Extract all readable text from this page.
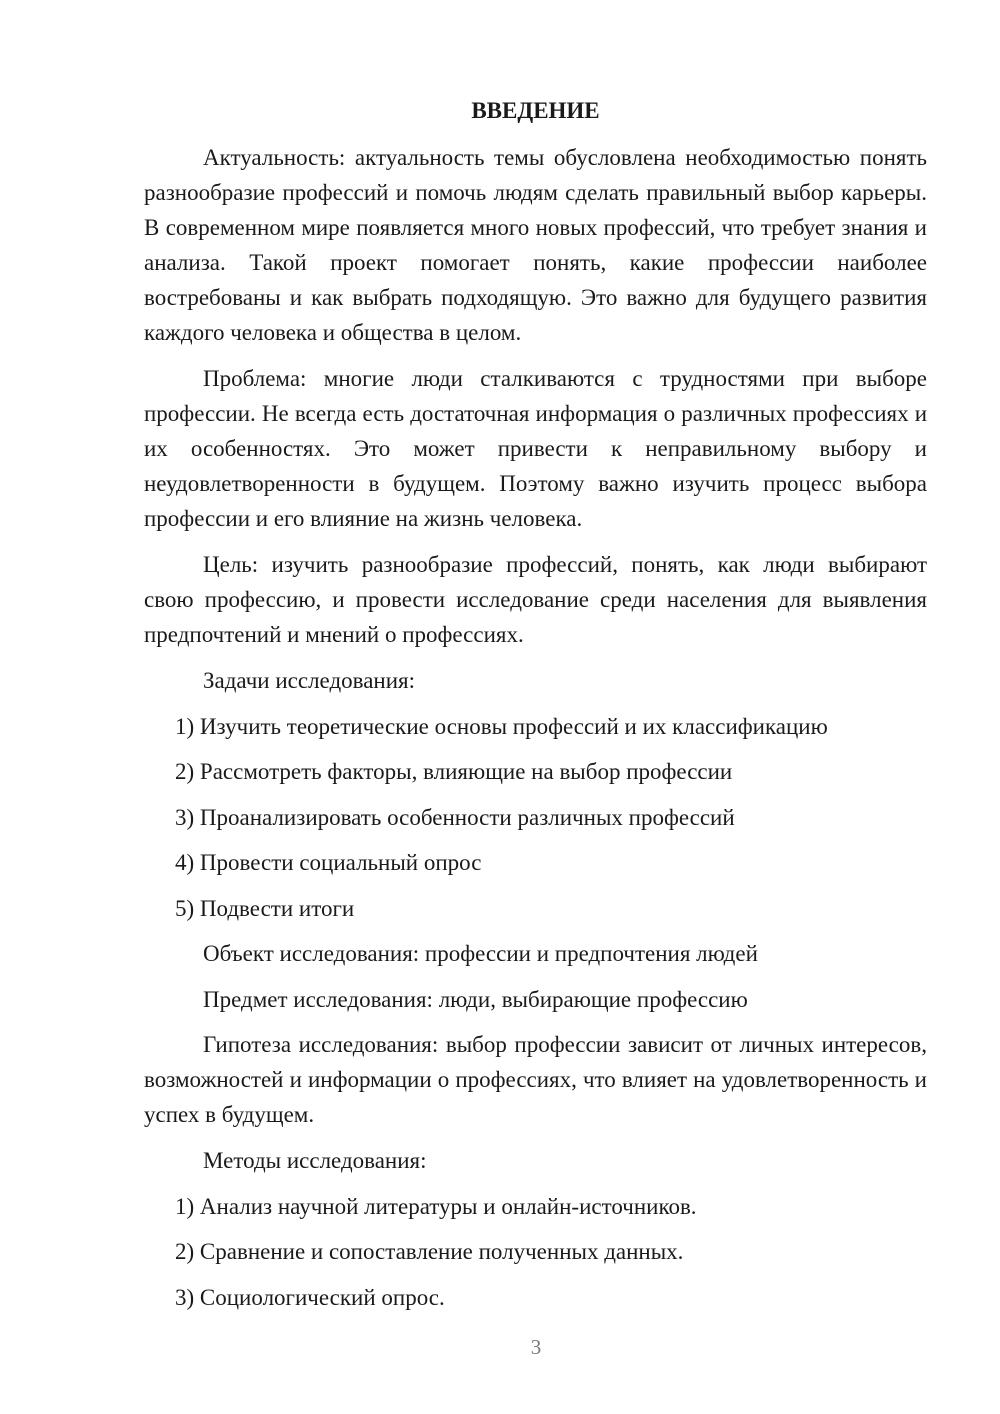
ВВЕДЕНИЕ

Актуальность: актуальность темы обусловлена необходимостью понять разнообразие профессий и помочь людям сделать правильный выбор карьеры. В современном мире появляется много новых профессий, что требует знания и анализа. Такой проект помогает понять, какие профессии наиболее востребованы и как выбрать подходящую. Это важно для будущего развития каждого человека и общества в целом.

Проблема: многие люди сталкиваются с трудностями при выборе профессии. Не всегда есть достаточная информация о различных профессиях и их особенностях. Это может привести к неправильному выбору и неудовлетворенности в будущем. Поэтому важно изучить процесс выбора профессии и его влияние на жизнь человека.

Цель: изучить разнообразие профессий, понять, как люди выбирают свою профессию, и провести исследование среди населения для выявления предпочтений и мнений о профессиях.

Задачи исследования:
1) Изучить теоретические основы профессий и их классификацию
2) Рассмотреть факторы, влияющие на выбор профессии
3) Проанализировать особенности различных профессий
4) Провести социальный опрос
5) Подвести итоги
Объект исследования: профессии и предпочтения людей
Предмет исследования: люди, выбирающие профессию

Гипотеза исследования: выбор профессии зависит от личных интересов, возможностей и информации о профессиях, что влияет на удовлетворенность и успех в будущем.

Методы исследования:
1) Анализ научной литературы и онлайн-источников.
2) Сравнение и сопоставление полученных данных.
3) Социологический опрос.
3
